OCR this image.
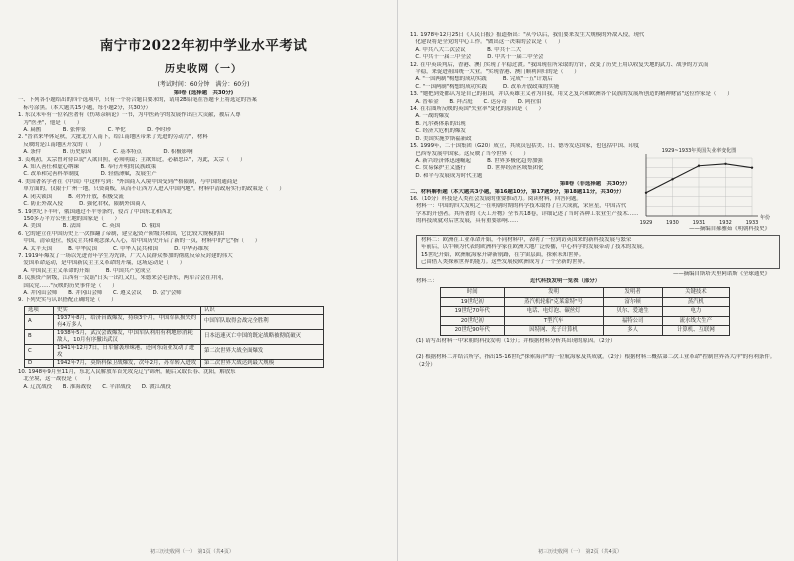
南宁市2022年初中学业水平考试
历史收网（一）
(考试时间：60分钟　满分：60分)
第Ⅰ卷 (选择题　共30分)
一、下列各小题给出的四个选项中，只有一个符合题目要求的，请用2B铅笔在答题卡上将选定的答案
　标号涂黑。（本大题共15小题，每小题2分，共30分）
1. 东汉末年有一位名医著有《伤寒杂病论》一书，为中医药学的发展作出巨大贡献，被后人尊
　为"医圣"，他是（　　）
　A. 扁鹊　　　　B. 张仲景　　　　C. 华佗　　　　D. 李时珍
2. "晋君来华休足秋，大批北方人南下，给江南地区带来了先进的劳动力"，材料
　反映的是江南地区开发的（　　）
　A. 条件　　　　B. 历史原因　　　　C. 基本特点　　　　D. 积极影响
3. 贞观初，太宗曾对侍臣说"人欲自照，必须明镜；主欲知过，必藉忠臣"，为此，太宗（　　）
　A. 知人善任和虚心纳谏　　　　B. 奉行开明的民族政策
　C. 改革和完善科举制度　　　　D. 轻徭薄赋，发展生产
4. 美国著名学者在《中国》中这样写到："外国商人入境中国受到严格限制，与中国的通商是
　单方面的。仅限于广州一地，只资商贩，从而不让西方人进入中国内地"。材料中清政府实行的政策是（　　）
　A. 闭关锁国　　　B. 对外开放，积极交流
　C. 防止外敌入侵　　　D. 强化君权，限制外国商人
5. 19世纪下半叶，俄国通过不平等条约，侵占了中国东北和西北
　150多万平方公里土地的国家是（　　）
　A. 美国　　　　B. 法国　　　　C. 英国　　　　D. 俄国
6. 它的建立在中国历史上一次推翻了帝制，建立起资产阶级共和国，它比较大规模的由
　中国，清帝退位，使民主共和观念深入人心，给中国历史开启了新的一页，材料中的"它"指（　　）
　A. 太平天国　　　B. 中华民国　　　C. 中华人民共和国　　　D. 中华苏维埃
7. 1919年爆发了一场以先进青年学生为先锋，广大人民群众参加的彻底反帝反封建的伟大
　爱国革命运动，是中国新民主主义革命的开端，这场运动是（　　）
　A. 中国民主主义革命的开始　　　B. 中国共产党成立
8. 民族资产阶级，江西有一民谣"日头一出红又红，朱德来会毛泽东，两军合会在井冈，
　国民党……"反映的历史事件是（　　）
　A. 井冈山会师　　B. 井冈山会师　　C. 遵义会议　　D. 会宁会师
9. 下列史实与认识搭配正确的是（　　）
选项	史实	认识
A	1937年8月，给济台战爆发，持续3个月，中国军队损失约有4万多人	中国军队取得会战完全胜利
B	1938年5月，武汉会战爆发，中国军队利用有利地形消耗敌人，10月有序撤出武汉	日本迅速灭亡中国的既定战略被彻底破灭
C	1941年12月7日，日军偷袭珍珠港，还向东南亚发动了进攻	第二次世界大战全面爆发
D	1942年7月，莫斯科保卫战爆发，次年2月，苏军转入进攻	第二次世界大战达到最大规模
10. 1948年9月至11月，东北人民解放军首先攻克辽宁锦州，随后又取长春、沈阳，解放东
　北全境，这一战役是（　　）
　A. 辽沈战役　　B. 淮海战役　　C. 平津战役　　D. 渡江战役
初三历史收网（一）　第1页（共4页）
11. 1978年12月25日《人民日报》报道指出："从今以后，我们要来发生大规模的外敌入侵，现代
　化建设将是全党的中心工作。"做出这一决策的会议是（　　）
　A. 中共八大二次会议　　　　B. 中共十二大
　C. 中共十一届三中全会　　　D. 中共十一届二中全会
12. 在中英谈判后，香港、澳门实现了平稳过渡。"我国现在所采取的方针，改变了历史上用以收复失地的武力、战争的方式而
　平稳，来促进祖国统一大业。"实现香港、澳门顺利回归的是（　　）
　A. "一国两制"构想的成功实践　　　B. 完成"一五"计划后
　C. "一国两制"构想的成功实践　　　D. 改革开放政策的实施
13. "她把到处都认为是自己的祖国，并以英雄主义者为自我，用文艺复兴和欧洲各个民族的发展所创造的精神财富"这位作家是（　　）
　A. 普希金　　B. 拜占庭　　C. 达芬奇　　D. 阿拉伯
14. 在右图所反映的英国"失业率"变化的原因是（　　）
　A. 一战的爆发
　B. 凡尔赛体系的出现
　C. 经济大危机的爆发
　D. 美国实施罗斯福新政
15. 1999年，二十国集团（G20）成立，其成员包括美、日、德等发达国家，也包括中国、印度
　巴西等发展中国家。这反映了当今世界（　　）
　A. 新兴经济体迅速崛起　　　B. 世界多极化趋势加强
　C. 贸易保护主义盛行　　　　D. 世界经济区域集团化
　D. 和平与发展成为时代主题
第Ⅱ卷（非选择题　共30分）
二、材料解析题（本大题共3小题，第16题10分，第17题9分，第18题11分，共30分）
16.（10分）科技是人类社会发展的重要推动力。阅读材料，回答问题。
材料一：中国的四大发明之一在明朝时期的科学技术取得了巨大成就，宋应星，中国古代
学术的开创者。其所著的《天工开物》全书共18卷，详细记述了当时各种工农业生产技术……
的科技成就对后世发展，具有重要影响……
——摘编自郝雅茹《明朝科技史》
材料二：欧洲在工业革命开始，不同材料中，表明了一位到访英国来的新科技发展与繁荣
年前后，以牛顿为代表的欧洲科学家在欧洲大地广泛传播，中心科学的发展带动了技术的发展。
15世纪开始，欧洲航海家开辟新航路，在宇宙层面，探索未知世界。
己由借人类探索世界的能力。这些发展使欧洲成为了一个全新的世界。
——摘编自斯塔夫里阿诺斯《全球通史》
材料三：	近代科技发明一览表（部分）
时间	发明	发明者	关键技术
19世纪初	蒸汽机轮船"克莱蒙特"号	富尔顿	蒸汽机
19世纪70年代	电话、电灯泡、碳丝灯	贝尔、爱迪生	电力
20世纪初	T型汽车	福特公司	流水线大生产
20世纪90年代	因特网、光子计算机	多人	计算机、互联网
(1) 请写出材料一中宋朝的科技发明（1分）；并根据材料分析其出现的原因。（2分）
(2) 根据材料二并结合所学，指出15-16世纪"探索海洋"的一位航海家及其成就。（2分）根据材料三概括第二次工业革命"控制世界各大洋"的有利条件。（2分）
初三历史收网（一）　第2页（共4页）
1929	1930	1931	1932	1933
年份
1929~1933年英国失业率变化图
